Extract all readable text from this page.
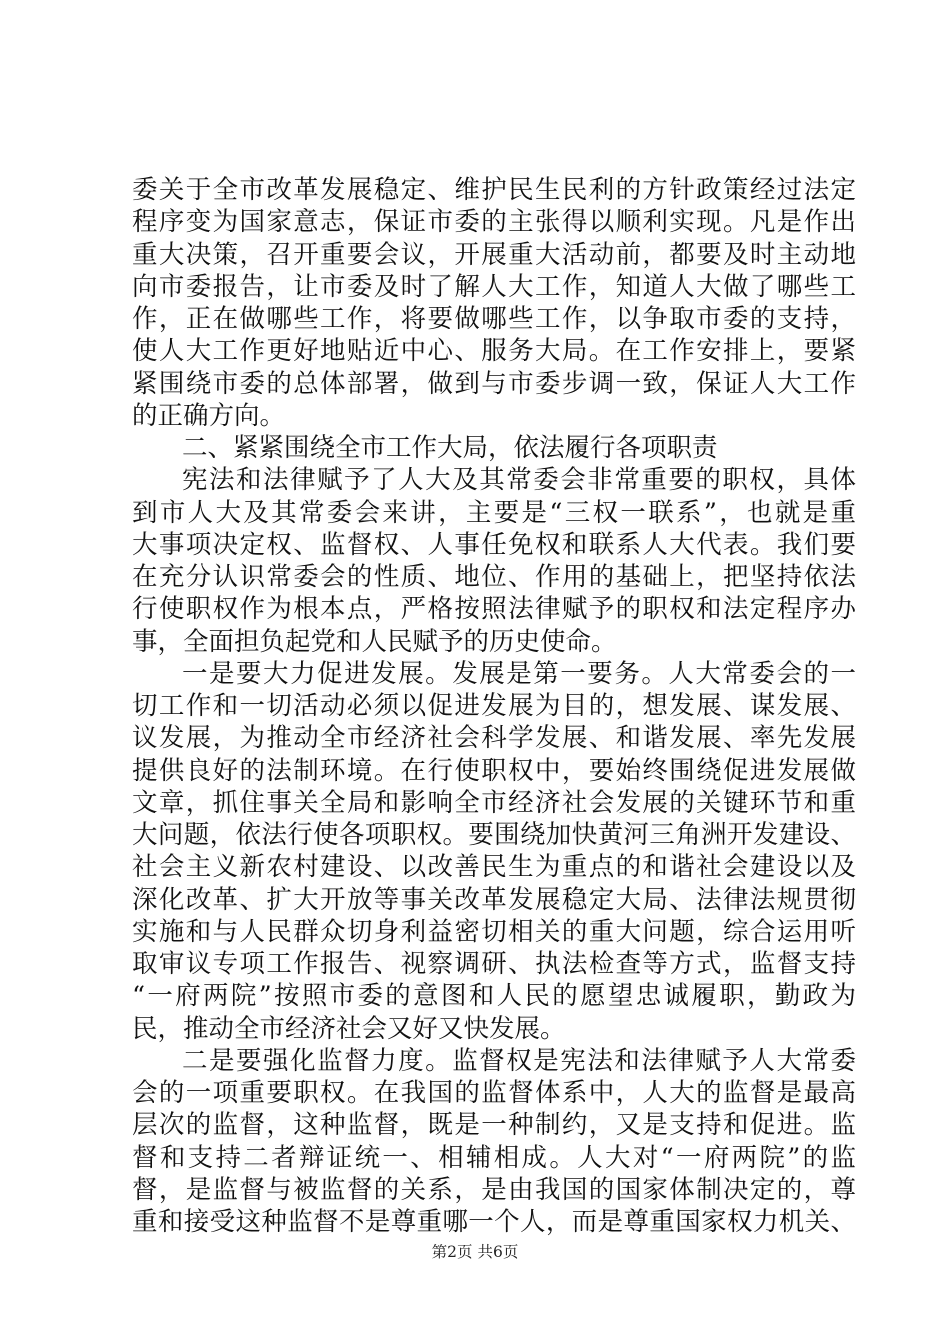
委关于全市改革发展稳定、维护民生民利的方针政策经过法定
程序变为国家意志，保证市委的主张得以顺利实现。凡是作出
重大决策，召开重要会议，开展重大活动前，都要及时主动地
向市委报告，让市委及时了解人大工作，知道人大做了哪些工
作，正在做哪些工作，将要做哪些工作，以争取市委的支持，
使人大工作更好地贴近中心、服务大局。在工作安排上，要紧
紧围绕市委的总体部署，做到与市委步调一致，保证人大工作
的正确方向。
二、紧紧围绕全市工作大局，依法履行各项职责
宪法和法律赋予了人大及其常委会非常重要的职权，具体
到市人大及其常委会来讲，主要是“三权一联系”，也就是重
大事项决定权、监督权、人事任免权和联系人大代表。我们要
在充分认识常委会的性质、地位、作用的基础上，把坚持依法
行使职权作为根本点，严格按照法律赋予的职权和法定程序办
事，全面担负起党和人民赋予的历史使命。
一是要大力促进发展。发展是第一要务。人大常委会的一
切工作和一切活动必须以促进发展为目的，想发展、谋发展、
议发展，为推动全市经济社会科学发展、和谐发展、率先发展
提供良好的法制环境。在行使职权中，要始终围绕促进发展做
文章，抓住事关全局和影响全市经济社会发展的关键环节和重
大问题，依法行使各项职权。要围绕加快黄河三角洲开发建设、
社会主义新农村建设、以改善民生为重点的和谐社会建设以及
深化改革、扩大开放等事关改革发展稳定大局、法律法规贯彻
实施和与人民群众切身利益密切相关的重大问题，综合运用听
取审议专项工作报告、视察调研、执法检查等方式，监督支持
“一府两院”按照市委的意图和人民的愿望忠诚履职，勤政为
民，推动全市经济社会又好又快发展。
二是要强化监督力度。监督权是宪法和法律赋予人大常委
会的一项重要职权。在我国的监督体系中，人大的监督是最高
层次的监督，这种监督，既是一种制约，又是支持和促进。监
督和支持二者辩证统一、相辅相成。人大对“一府两院”的监
督，是监督与被监督的关系，是由我国的国家体制决定的，尊
重和接受这种监督不是尊重哪一个人，而是尊重国家权力机关、
第2页 共6页
